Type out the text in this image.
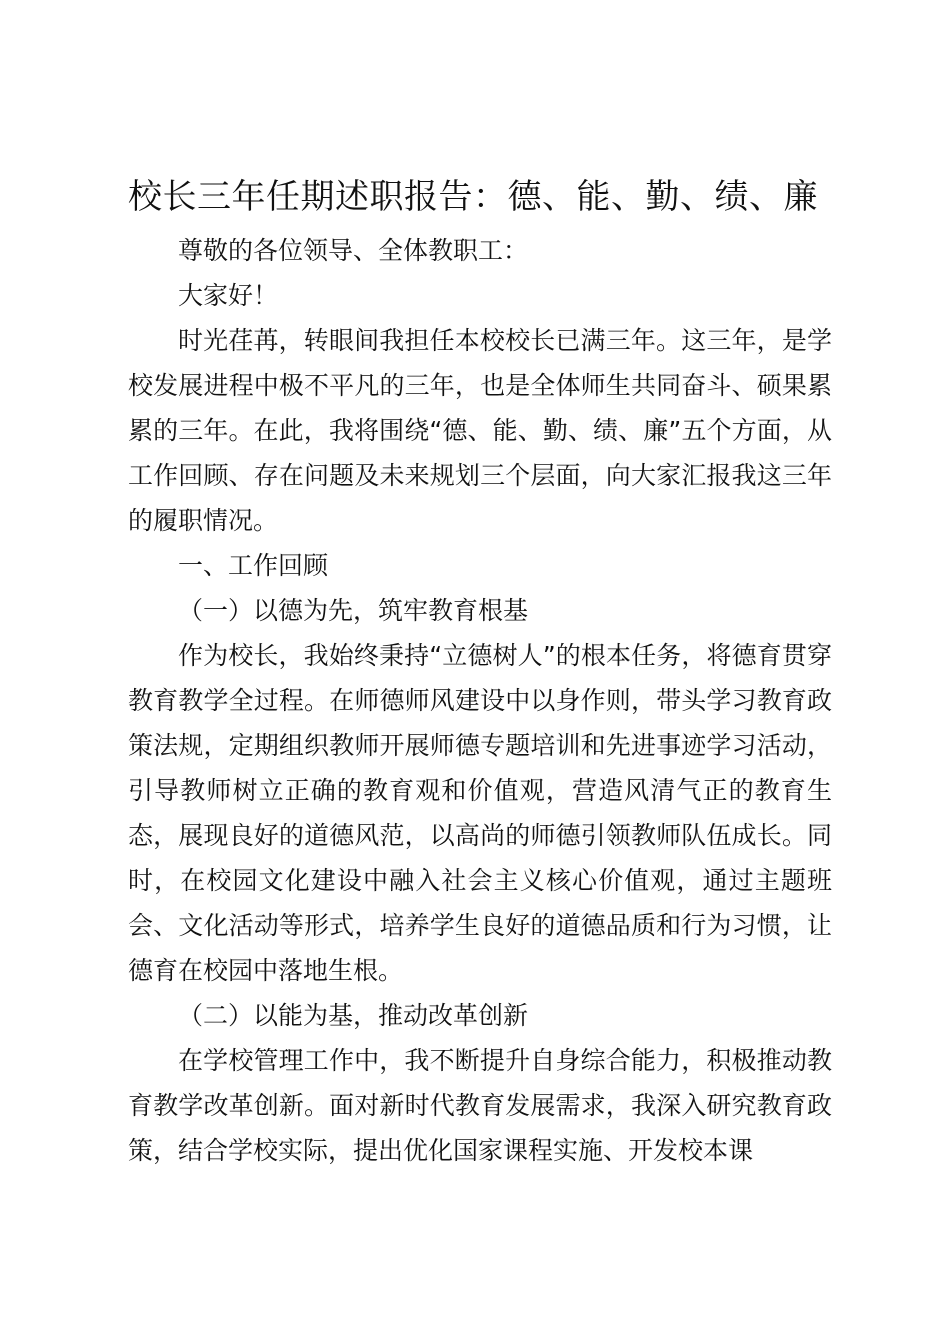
校长三年任期述职报告：德、能、勤、绩、廉

尊敬的各位领导、全体教职工：

大家好！

时光荏苒，转眼间我担任本校校长已满三年。这三年，是学校发展进程中极不平凡的三年，也是全体师生共同奋斗、硕果累累的三年。在此，我将围绕“德、能、勤、绩、廉”五个方面，从工作回顾、存在问题及未来规划三个层面，向大家汇报我这三年的履职情况。

一、工作回顾

（一）以德为先，筑牢教育根基

作为校长，我始终秉持“立德树人”的根本任务，将德育贯穿教育教学全过程。在师德师风建设中以身作则，带头学习教育政策法规，定期组织教师开展师德专题培训和先进事迹学习活动，引导教师树立正确的教育观和价值观，营造风清气正的教育生态，展现良好的道德风范，以高尚的师德引领教师队伍成长。同时，在校园文化建设中融入社会主义核心价值观，通过主题班会、文化活动等形式，培养学生良好的道德品质和行为习惯，让德育在校园中落地生根。

（二）以能为基，推动改革创新

在学校管理工作中，我不断提升自身综合能力，积极推动教育教学改革创新。面对新时代教育发展需求，我深入研究教育政策，结合学校实际，提出优化国家课程实施、开发校本课
